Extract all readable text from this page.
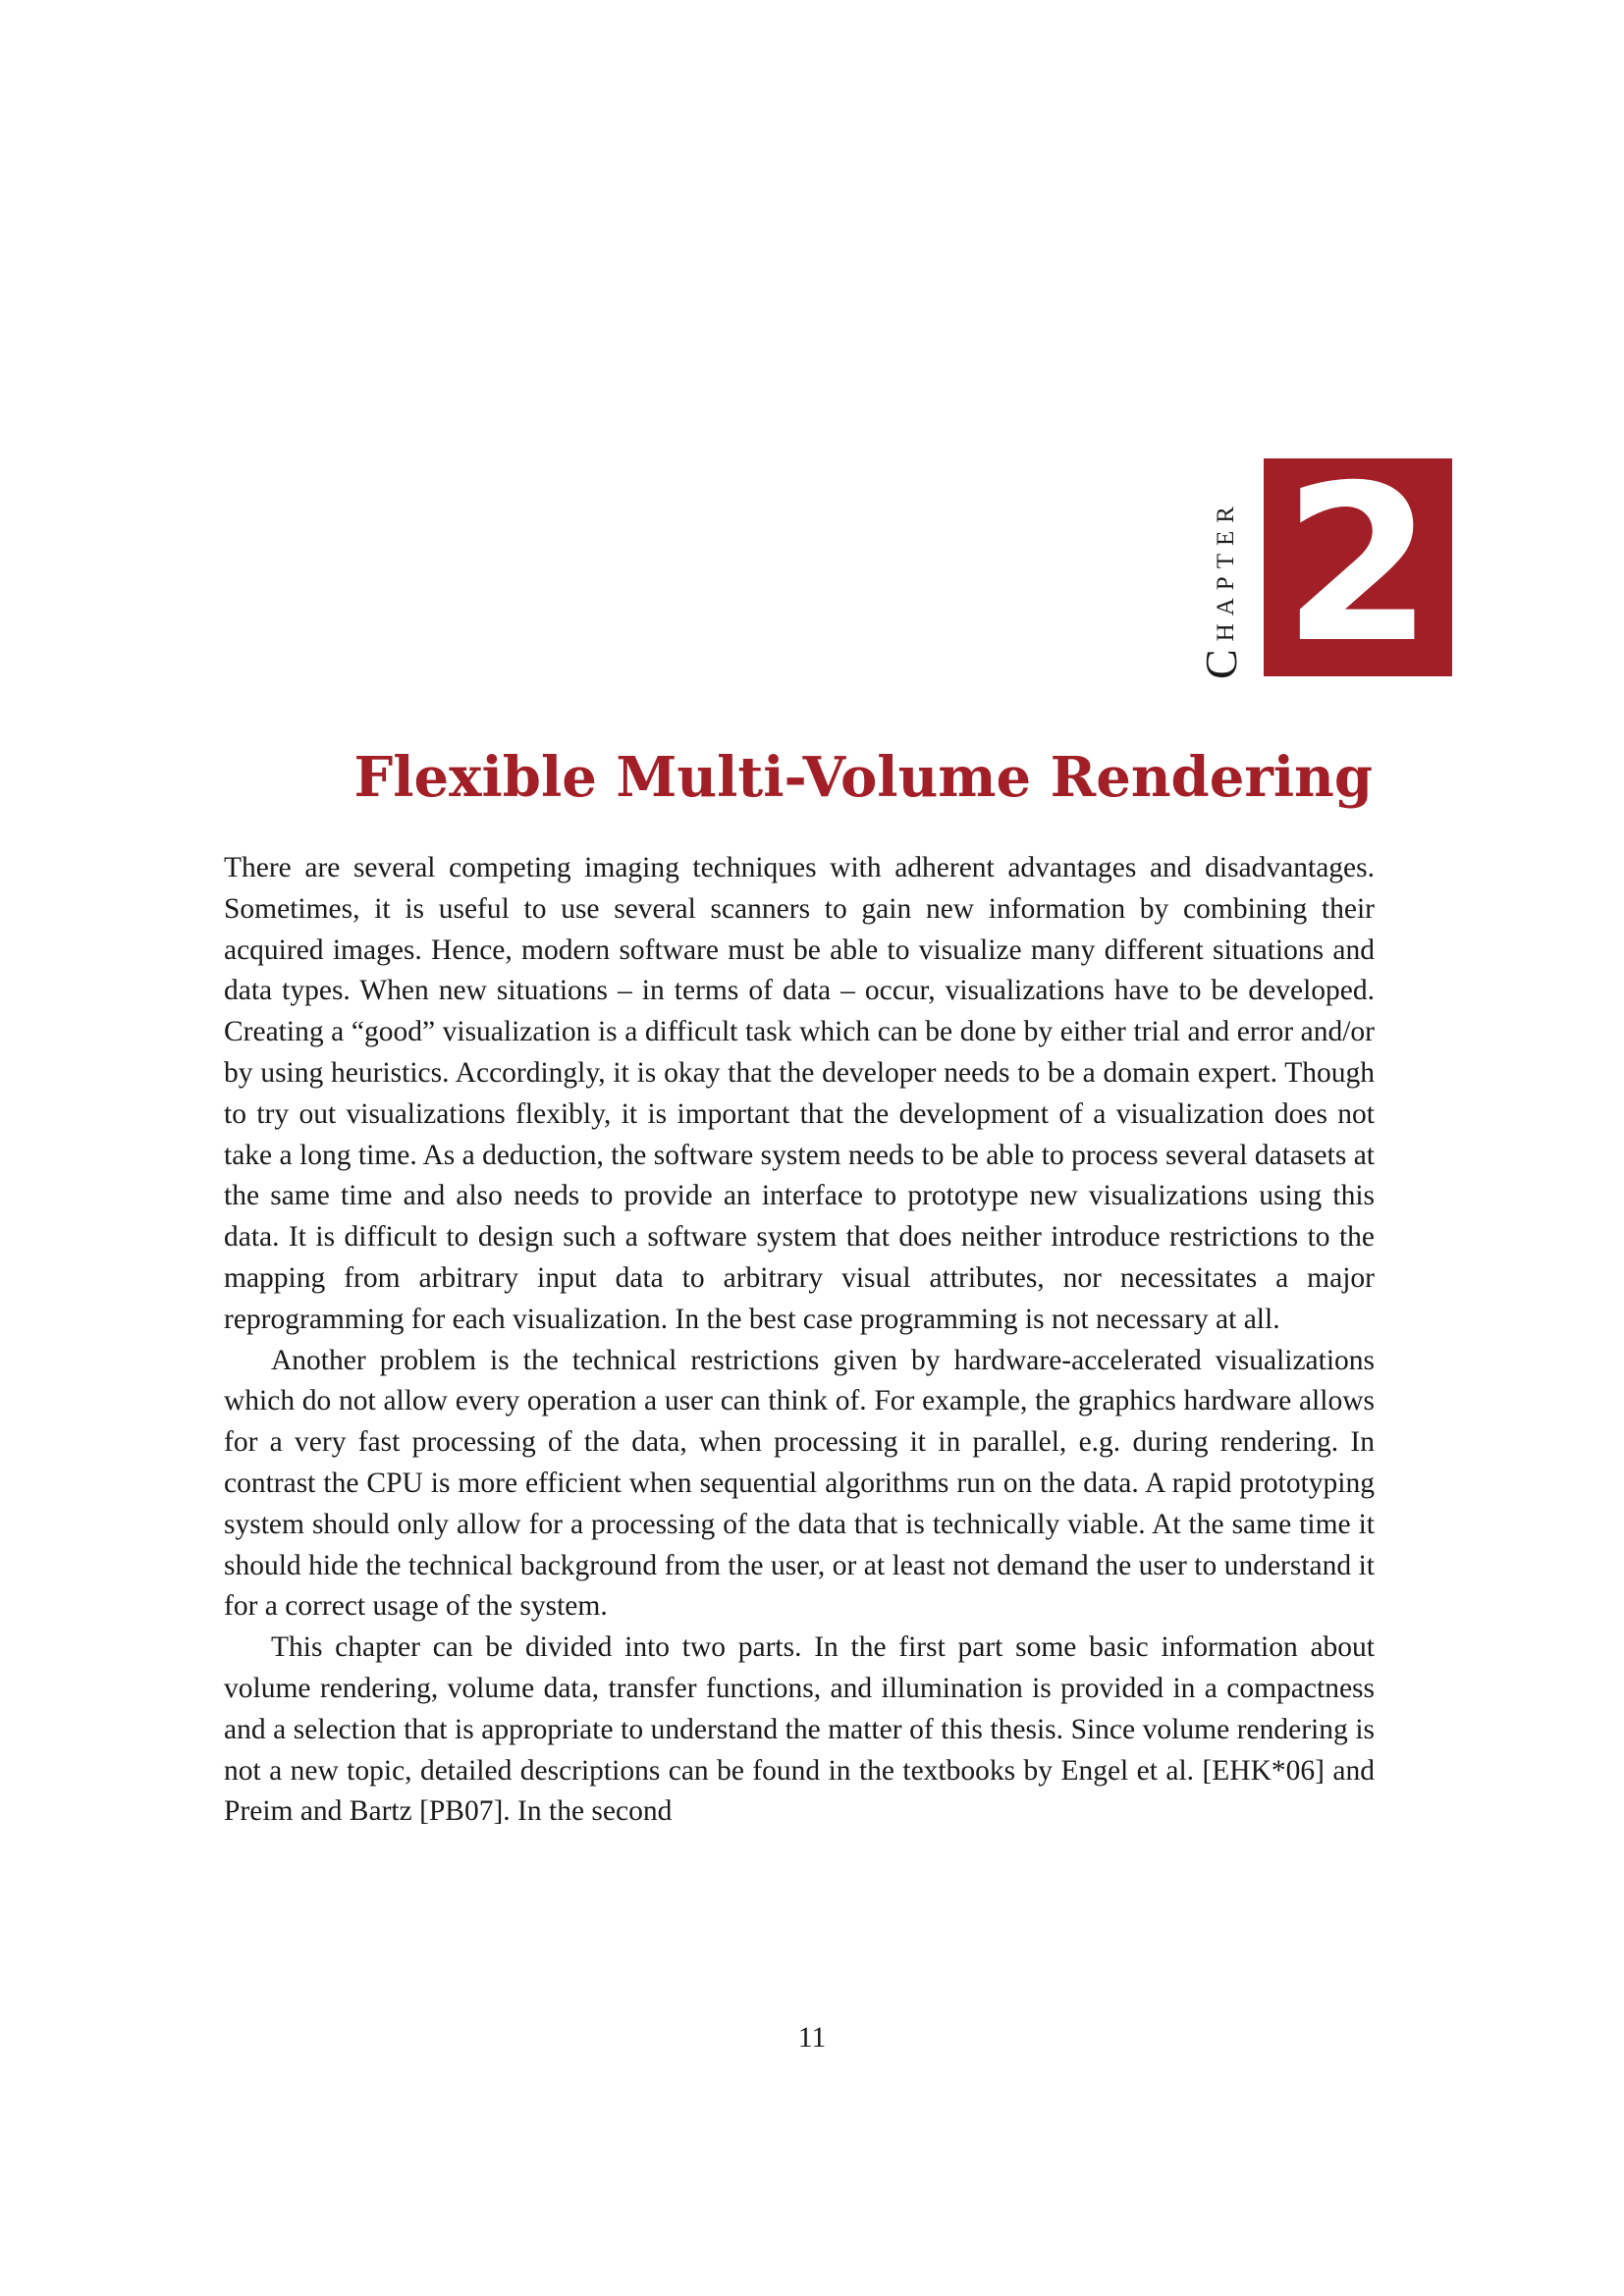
Chapter 2
Flexible Multi-Volume Rendering

There are several competing imaging techniques with adherent advantages and disadvantages. Sometimes, it is useful to use several scanners to gain new information by combining their acquired images. Hence, modern software must be able to visualize many different situations and data types. When new situations – in terms of data – occur, visualizations have to be developed. Creating a “good” visualization is a difficult task which can be done by either trial and error and/or by using heuristics. Accordingly, it is okay that the developer needs to be a domain expert. Though to try out visualizations flexibly, it is important that the development of a visualization does not take a long time. As a deduction, the software system needs to be able to process several datasets at the same time and also needs to provide an interface to prototype new visualizations using this data. It is difficult to design such a software system that does neither introduce restrictions to the mapping from arbitrary input data to arbitrary visual attributes, nor necessitates a major reprogramming for each visualization. In the best case programming is not necessary at all.

Another problem is the technical restrictions given by hardware-accelerated visualizations which do not allow every operation a user can think of. For example, the graphics hardware allows for a very fast processing of the data, when processing it in parallel, e.g. during rendering. In contrast the CPU is more efficient when sequential algorithms run on the data. A rapid prototyping system should only allow for a processing of the data that is technically viable. At the same time it should hide the technical background from the user, or at least not demand the user to understand it for a correct usage of the system.

This chapter can be divided into two parts. In the first part some basic information about volume rendering, volume data, transfer functions, and illumination is provided in a compactness and a selection that is appropriate to understand the matter of this thesis. Since volume rendering is not a new topic, detailed descriptions can be found in the textbooks by Engel et al. [EHK*06] and Preim and Bartz [PB07]. In the second

11
